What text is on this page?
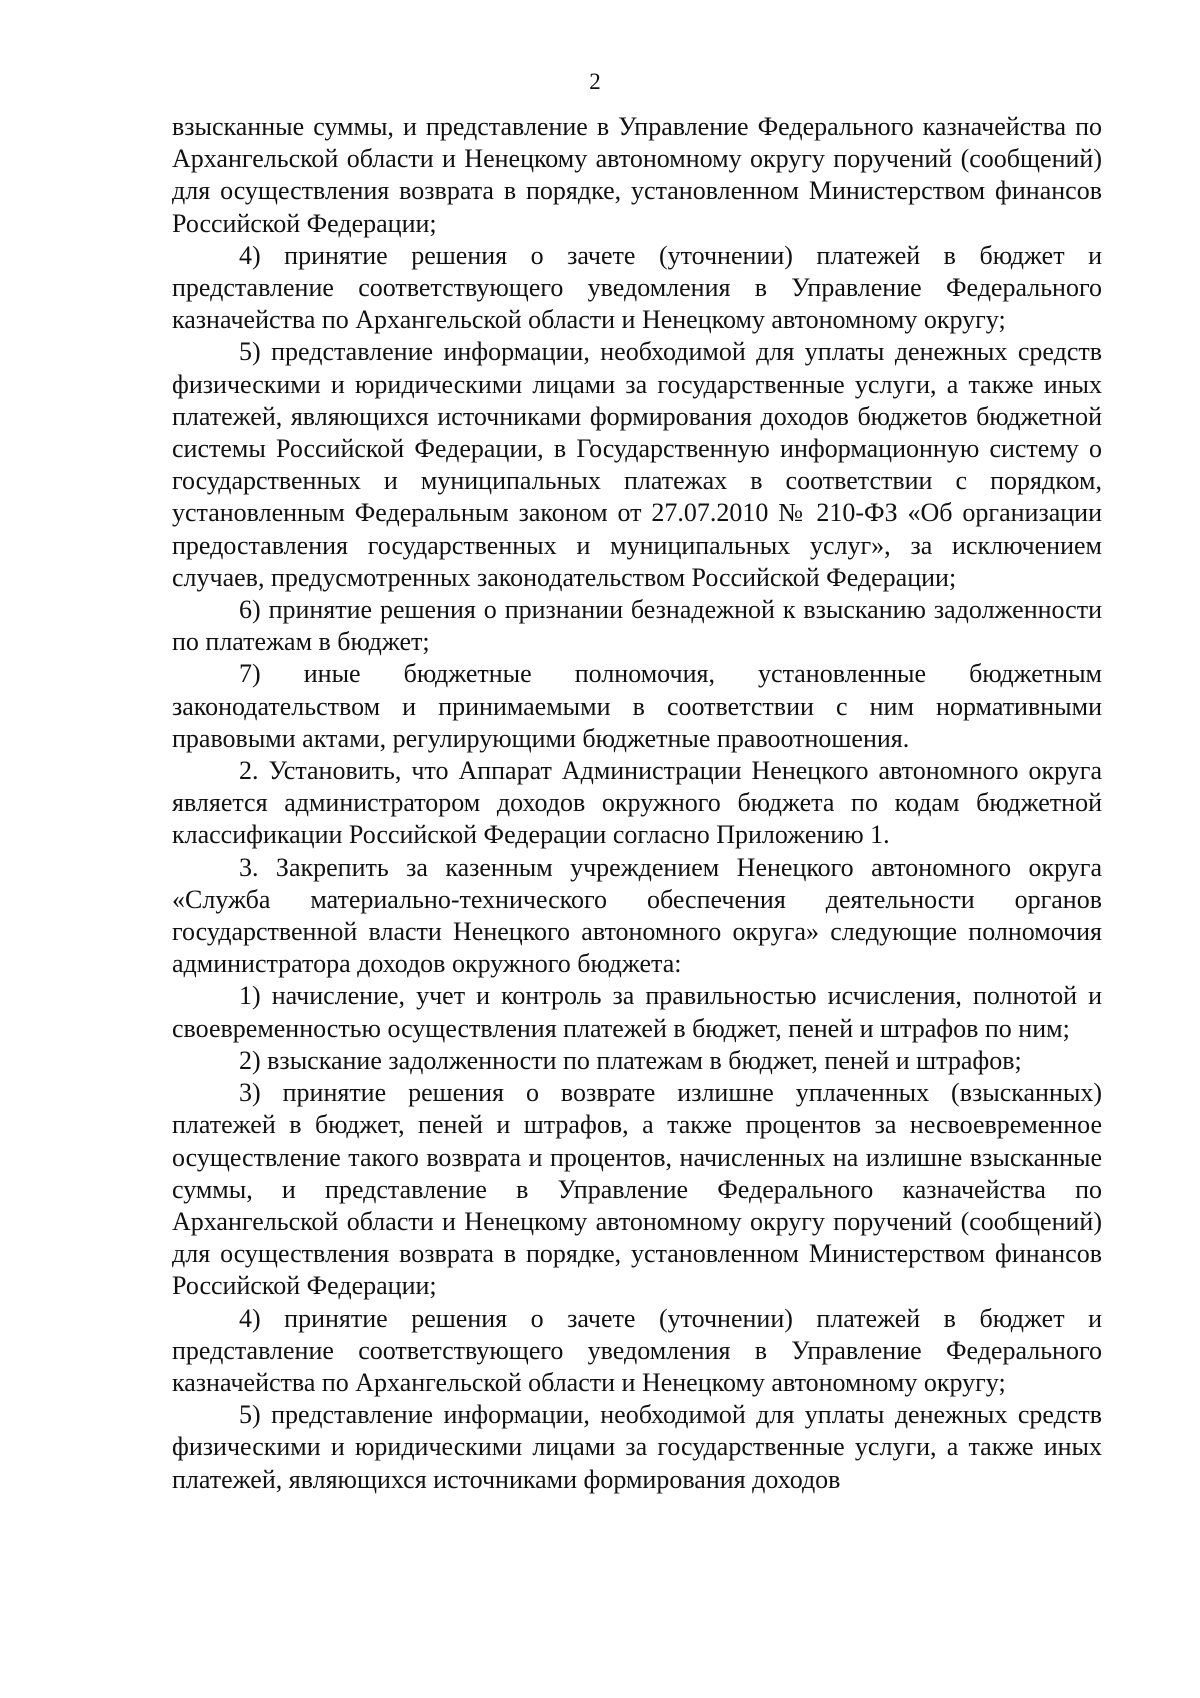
2

взысканные суммы, и представление в Управление Федерального казначейства по Архангельской области и Ненецкому автономному округу поручений (сообщений) для осуществления возврата в порядке, установленном Министерством финансов Российской Федерации;

4) принятие решения о зачете (уточнении) платежей в бюджет и представление соответствующего уведомления в Управление Федерального казначейства по Архангельской области и Ненецкому автономному округу;

5) представление информации, необходимой для уплаты денежных средств физическими и юридическими лицами за государственные услуги, а также иных платежей, являющихся источниками формирования доходов бюджетов бюджетной системы Российской Федерации, в Государственную информационную систему о государственных и муниципальных платежах в соответствии с порядком, установленным Федеральным законом от 27.07.2010 № 210-ФЗ «Об организации предоставления государственных и муниципальных услуг», за исключением случаев, предусмотренных законодательством Российской Федерации;

6) принятие решения о признании безнадежной к взысканию задолженности по платежам в бюджет;

7) иные бюджетные полномочия, установленные бюджетным законодательством и принимаемыми в соответствии с ним нормативными правовыми актами, регулирующими бюджетные правоотношения.

2. Установить, что Аппарат Администрации Ненецкого автономного округа является администратором доходов окружного бюджета по кодам бюджетной классификации Российской Федерации согласно Приложению 1.

3. Закрепить за казенным учреждением Ненецкого автономного округа «Служба материально-технического обеспечения деятельности органов государственной власти Ненецкого автономного округа» следующие полномочия администратора доходов окружного бюджета:

1) начисление, учет и контроль за правильностью исчисления, полнотой и своевременностью осуществления платежей в бюджет, пеней и штрафов по ним;

2) взыскание задолженности по платежам в бюджет, пеней и штрафов;

3) принятие решения о возврате излишне уплаченных (взысканных) платежей в бюджет, пеней и штрафов, а также процентов за несвоевременное осуществление такого возврата и процентов, начисленных на излишне взысканные суммы, и представление в Управление Федерального казначейства по Архангельской области и Ненецкому автономному округу поручений (сообщений) для осуществления возврата в порядке, установленном Министерством финансов Российской Федерации;

4) принятие решения о зачете (уточнении) платежей в бюджет и представление соответствующего уведомления в Управление Федерального казначейства по Архангельской области и Ненецкому автономному округу;

5) представление информации, необходимой для уплаты денежных средств физическими и юридическими лицами за государственные услуги, а также иных платежей, являющихся источниками формирования доходов
